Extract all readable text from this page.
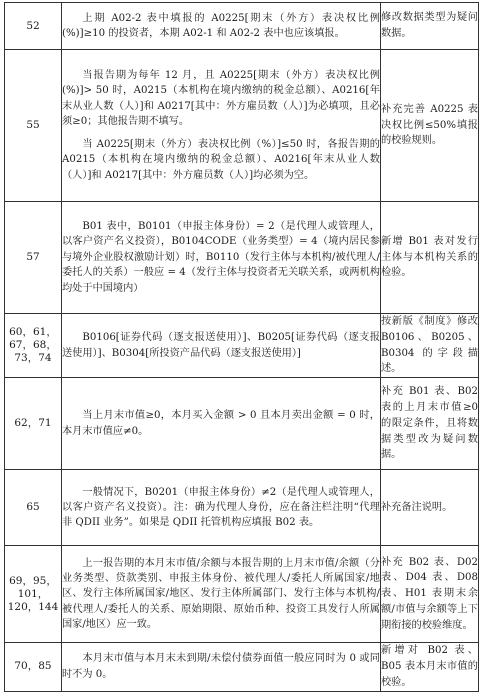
52	上期 A02-2 表中填报的 A0225[期末（外方）表决权比例(%)]≥10 的投资者，本期 A02-1 和 A02-2 表中也应该填报。	修改数据类型为疑问数据。

55	当报告期为每年 12 月，且 A0225[期末（外方）表决权比例(%)]> 50 时，A0215（本机构在境内缴纳的税金总额）、A0216[年末从业人数（人）]和 A0217[其中：外方雇员数（人）]为必填项，且必须≥0；其他报告期不填写。

当 A0225[期末（外方）表决权比例（%）]≤50 时，各报告期的 A0215（本机构在境内缴纳的税金总额）、A0216[年末从业人数（人）]和 A0217[其中：外方雇员数（人）]均必须为空。	补充完善 A0225 表决权比例≤50%填报的校验规则。

57	B01 表中，B0101（申报主体身份）= 2（是代理人或管理人，以客户资产名义投资），B0104CODE（业务类型）= 4（境内居民参与境外企业股权激励计划）时，B0110（发行主体与本机构/被代理人/委托人的关系）一般应 = 4（发行主体与投资者无关联关系，或两机构均处于中国境内）	新增 B01 表对发行主体与本机构关系的检验。

60，61，67，68，73，74	B0106[证券代码（逐支报送使用）]、B0205[证券代码（逐支报送使用）]、B0304[所投资产品代码（逐支报送使用）]	按新版《制度》修改 B0106、B0205、B0304 的字段描述。

62，71	当上月末市值≥0，本月买入金额 > 0 且本月卖出金额 = 0 时，本月末市值应≠0。	补充 B01 表、B02 表的上月末市值≥0 的限定条件，且将数据类型改为疑问数据。

65	一般情况下，B0201（申报主体身份）≠2（是代理人或管理人，以客户资产名义投资）。注：确为代理人身份，应在备注栏注明“代理 非 QDII 业务”。如果是 QDII 托管机构应填报 B02 表。	补充备注说明。

69，95，101，120，144	上一报告期的本月末市值/余额与本报告期的上月末市值/余额（分业务类型、贷款类别、申报主体身份、被代理人/委托人所属国家/地区、发行主体所属国家/地区、发行主体所属部门、发行主体与本机构/被代理人/委托人的关系、原始期限、原始币种、投资工具发行人所属国家/地区）应一致。	补充 B02 表、D02 表、D04 表、D08 表、H01 表期末余额/市值与余额等上下期衔接的校验维度。

70，85	本月末市值与本月末未到期/未偿付债券面值一般应同时为 0 或同时不为 0。	新增对 B02 表、B05 表本月末市值的校验。
